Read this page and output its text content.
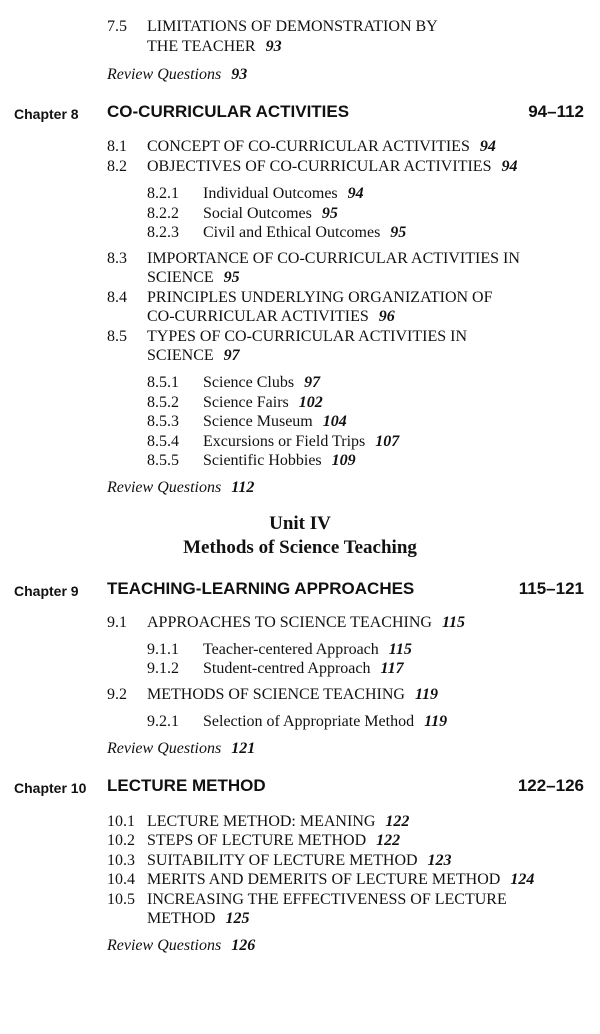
7.5 LIMITATIONS OF DEMONSTRATION BY
THE TEACHER 93
Review Questions 93
Chapter 8 CO-CURRICULAR ACTIVITIES	94–112
8.1 CONCEPT OF CO-CURRICULAR ACTIVITIES 94
8.2 OBJECTIVES OF CO-CURRICULAR ACTIVITIES 94
8.2.1 Individual Outcomes 94
8.2.2 Social Outcomes 95
8.2.3 Civil and Ethical Outcomes 95
8.3 IMPORTANCE OF CO-CURRICULAR ACTIVITIES IN
SCIENCE 95
8.4 PRINCIPLES UNDERLYING ORGANIZATION OF
CO-CURRICULAR ACTIVITIES 96
8.5 TYPES OF CO-CURRICULAR ACTIVITIES IN
SCIENCE 97
8.5.1 Science Clubs 97
8.5.2 Science Fairs 102
8.5.3 Science Museum 104
8.5.4 Excursions or Field Trips 107
8.5.5 Scientific Hobbies 109
Review Questions 112
Unit IV
Methods of Science Teaching
Chapter 9 TEACHING-LEARNING APPROACHES	115–121
9.1 APPROACHES TO SCIENCE TEACHING 115
9.1.1 Teacher-centered Approach 115
9.1.2 Student-centred Approach 117
9.2 METHODS OF SCIENCE TEACHING 119
9.2.1 Selection of Appropriate Method 119
Review Questions 121
Chapter 10 LECTURE METHOD	122–126
10.1 LECTURE METHOD: MEANING 122
10.2 STEPS OF LECTURE METHOD 122
10.3 SUITABILITY OF LECTURE METHOD 123
10.4 MERITS AND DEMERITS OF LECTURE METHOD 124
10.5 INCREASING THE EFFECTIVENESS OF LECTURE
METHOD 125
Review Questions 126
